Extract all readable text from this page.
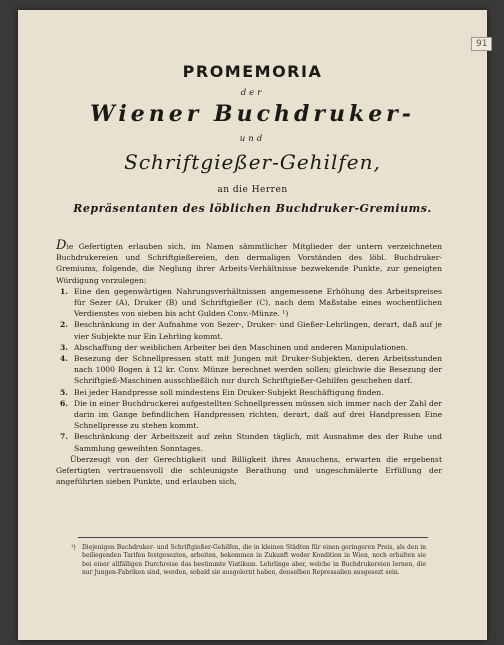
91
PROMEMORIA
der
Wiener Buchdruker-
und
Schriftgießer-Gehilfen,
an die Herren
Repräsentanten des löblichen Buchdruker-Gremiums.

Die Gefertigten erlauben sich, im Namen sämmtlicher Mitglieder der untern verzeichneten Buchdrukereien und Schriftgießereien, den dermaligen Vorständen des löbl. Buchdruker-Gremiums, folgende, die Neglung ihrer Arbeits-Verhältnisse bezwekende Punkte, zur geneigten Würdigung vorzulegen:

1. Eine den gegenwärtigen Nahrungsverhältnissen angemessene Erhöhung des Arbeitspreises für Sezer (A), Druker (B) und Schriftgießer (C), nach dem Maßstabe eines wochentlichen Verdienstes von sieben bis acht Gulden Conv.-Münze. ¹)
2. Beschränkung in der Aufnahme von Sezer-, Druker- und Gießer-Lehrlingen, derart, daß auf je vier Subjekte nur Ein Lehrling kommt.
3. Abschaffung der weiblichen Arbeiter bei den Maschinen und anderen Manipulationen.
4. Besezung der Schnellpressen statt mit Jungen mit Druker-Subjekten, deren Arbeitsstunden nach 1000 Bogen à 12 kr. Conv. Münze berechnet werden sollen; gleichwie die Besezung der Schriftgieß-Maschinen ausschließlich nur durch Schriftgießer-Gehilfen geschehen darf.
5. Bei jeder Handpresse soll mindestens Ein Druker-Subjekt Beschäftigung finden.
6. Die in einer Buchdruckerei aufgestellten Schnellpressen müssen sich immer nach der Zahl der darin im Gange befindlichen Handpressen richten, derart, daß auf drei Handpressen Eine Schnellpresse zu stehen kommt.
7. Beschränkung der Arbeitszeit auf zehn Stunden täglich, mit Ausnahme des der Ruhe und Sammlung geweihten Sonntages.

Überzeugt von der Gerechtigkeit und Billigkeit ihres Ansuchens, erwarten die ergebenst Gefertigten vertrauensvoll die schleunigste Berathung und ungeschmälerte Erfüllung der angeführten sieben Punkte, und erlauben sich,

¹) Diejenigen Buchdruker- und Schriftgießer-Gehilfen, die in kleinen Städten für einen geringeren Preis, als den in beiliegenden Tarifen festgesezten, arbeiten, bekommen in Zukunft weder Kondition in Wien, noch erhalten sie bei einer allfälligen Durchreise das bestimmte Viatikum. Lehrlinge aber, welche in Buchdrukereien lernen, die nur Jungen-Fabriken sind, werden, sobald sie ausgelernt haben, denselben Repressalien ausgesezt sein.
